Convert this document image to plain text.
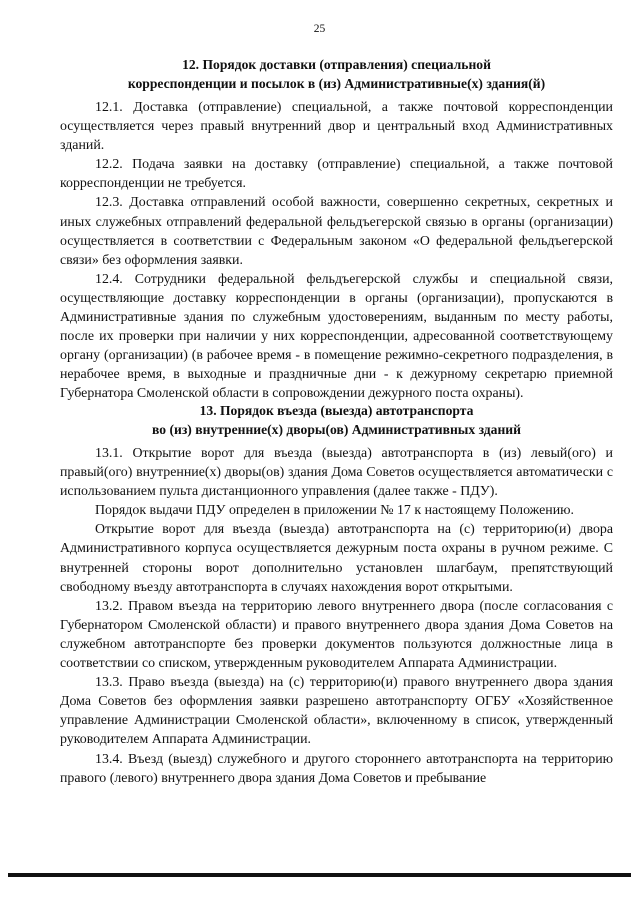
25
12. Порядок доставки (отправления) специальной
корреспонденции и посылок в (из) Административные(х) здания(й)

12.1. Доставка (отправление) специальной, а также почтовой корреспонденции осуществляется через правый внутренний двор и центральный вход Административных зданий.

12.2. Подача заявки на доставку (отправление) специальной, а также почтовой корреспонденции не требуется.

12.3. Доставка отправлений особой важности, совершенно секретных, секретных и иных служебных отправлений федеральной фельдъегерской связью в органы (организации) осуществляется в соответствии с Федеральным законом «О федеральной фельдъегерской связи» без оформления заявки.

12.4. Сотрудники федеральной фельдъегерской службы и специальной связи, осуществляющие доставку корреспонденции в органы (организации), пропускаются в Административные здания по служебным удостоверениям, выданным по месту работы, после их проверки при наличии у них корреспонденции, адресованной соответствующему органу (организации) (в рабочее время - в помещение режимно-секретного подразделения, в нерабочее время, в выходные и праздничные дни - к дежурному секретарю приемной Губернатора Смоленской области в сопровождении дежурного поста охраны).

13. Порядок въезда (выезда) автотранспорта
во (из) внутренние(х) дворы(ов) Административных зданий

13.1. Открытие ворот для въезда (выезда) автотранспорта в (из) левый(ого) и правый(ого) внутренние(х) дворы(ов) здания Дома Советов осуществляется автоматически с использованием пульта дистанционного управления (далее также - ПДУ).

Порядок выдачи ПДУ определен в приложении № 17 к настоящему Положению.

Открытие ворот для въезда (выезда) автотранспорта на (с) территорию(и) двора Административного корпуса осуществляется дежурным поста охраны в ручном режиме. С внутренней стороны ворот дополнительно установлен шлагбаум, препятствующий свободному въезду автотранспорта в случаях нахождения ворот открытыми.

13.2. Правом въезда на территорию левого внутреннего двора (после согласования с Губернатором Смоленской области) и правого внутреннего двора здания Дома Советов на служебном автотранспорте без проверки документов пользуются должностные лица в соответствии со списком, утвержденным руководителем Аппарата Администрации.

13.3. Право въезда (выезда) на (с) территорию(и) правого внутреннего двора здания Дома Советов без оформления заявки разрешено автотранспорту ОГБУ «Хозяйственное управление Администрации Смоленской области», включенному в список, утвержденный руководителем Аппарата Администрации.

13.4. Въезд (выезд) служебного и другого стороннего автотранспорта на территорию правого (левого) внутреннего двора здания Дома Советов и пребывание
